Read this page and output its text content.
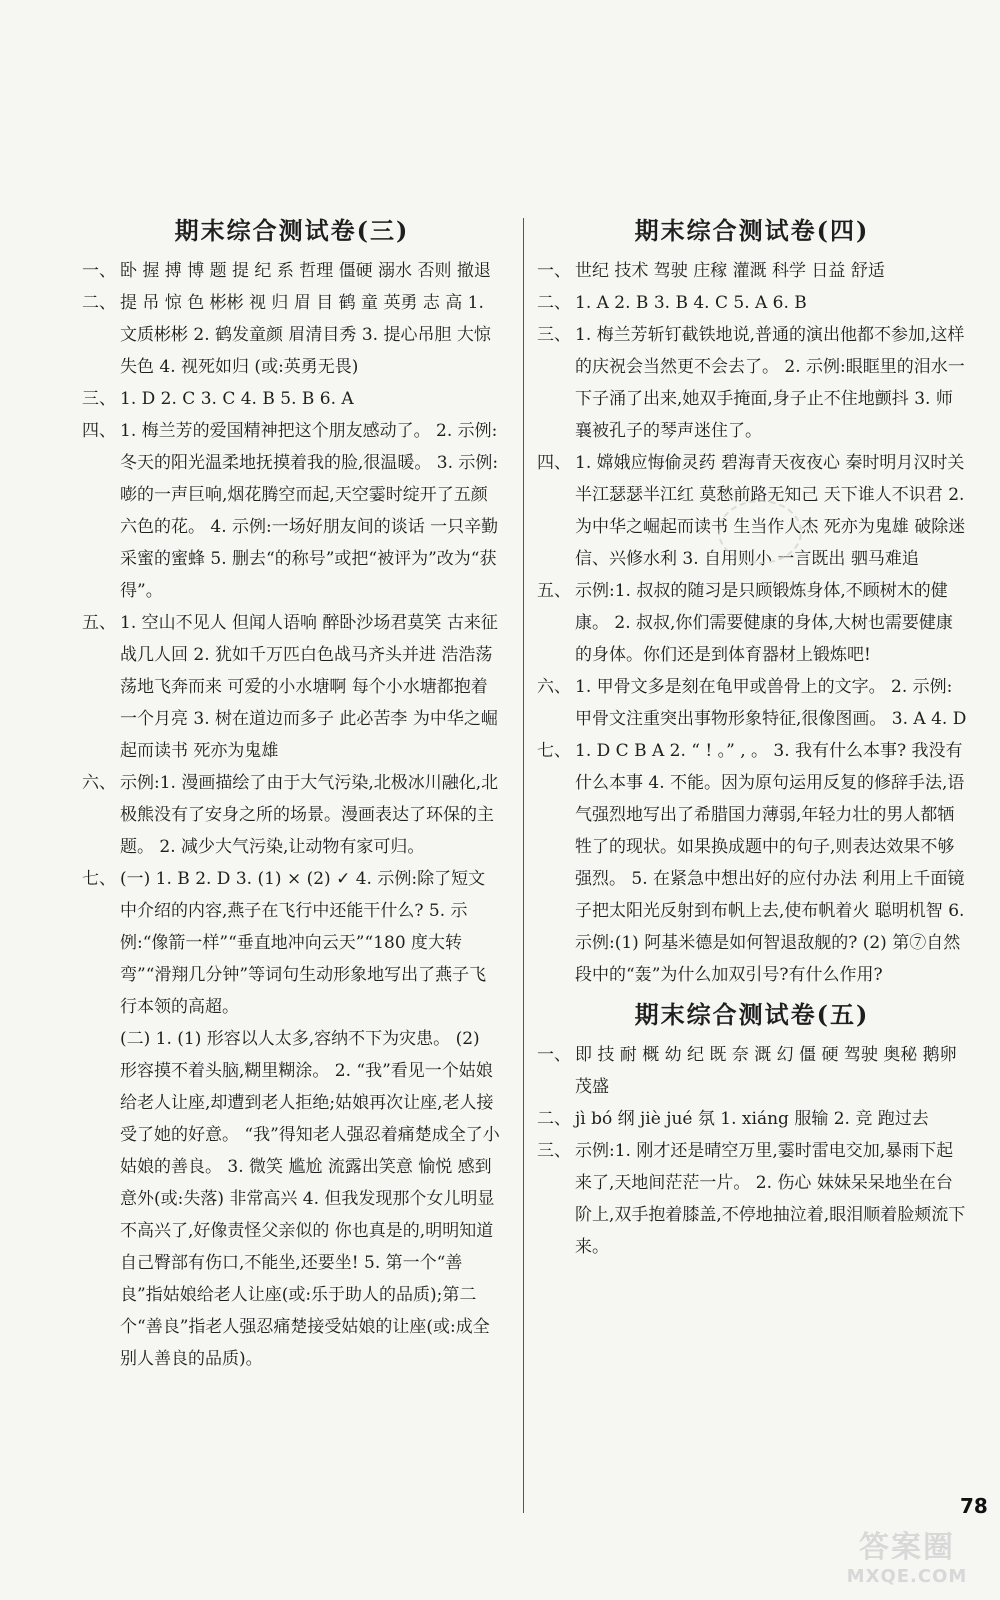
期末综合测试卷(三)
一、 卧 握 搏 博 题 提 纪 系 哲理 僵硬 溺水 否则 撤退
二、 提 吊 惊 色 彬彬 视 归 眉 目 鹤 童 英勇 志 高 1. 文质彬彬 2. 鹤发童颜 眉清目秀 3. 提心吊胆 大惊失色 4. 视死如归 (或:英勇无畏)
三、 1. D 2. C 3. C 4. B 5. B 6. A
四、 1. 梅兰芳的爱国精神把这个朋友感动了。 2. 示例:冬天的阳光温柔地抚摸着我的脸,很温暖。 3. 示例:嘭的一声巨响,烟花腾空而起,天空霎时绽开了五颜六色的花。 4. 示例:一场好朋友间的谈话 一只辛勤采蜜的蜜蜂 5. 删去“的称号”或把“被评为”改为“获得”。
五、 1. 空山不见人 但闻人语响 醉卧沙场君莫笑 古来征战几人回 2. 犹如千万匹白色战马齐头并进 浩浩荡荡地飞奔而来 可爱的小水塘啊 每个小水塘都抱着一个月亮 3. 树在道边而多子 此必苦李 为中华之崛起而读书 死亦为鬼雄
六、 示例:1. 漫画描绘了由于大气污染,北极冰川融化,北极熊没有了安身之所的场景。漫画表达了环保的主题。 2. 减少大气污染,让动物有家可归。
七、 (一) 1. B 2. D 3. (1) × (2) ✓ 4. 示例:除了短文中介绍的内容,燕子在飞行中还能干什么? 5. 示例:“像箭一样”“垂直地冲向云天”“180 度大转弯”“滑翔几分钟”等词句生动形象地写出了燕子飞行本领的高超。
(二) 1. (1) 形容以人太多,容纳不下为灾患。 (2) 形容摸不着头脑,糊里糊涂。 2. “我”看见一个姑娘给老人让座,却遭到老人拒绝;姑娘再次让座,老人接受了她的好意。 “我”得知老人强忍着痛楚成全了小姑娘的善良。 3. 微笑 尴尬 流露出笑意 愉悦 感到意外(或:失落) 非常高兴 4. 但我发现那个女儿明显不高兴了,好像责怪父亲似的 你也真是的,明明知道自己臀部有伤口,不能坐,还要坐! 5. 第一个“善良”指姑娘给老人让座(或:乐于助人的品质);第二个“善良”指老人强忍痛楚接受姑娘的让座(或:成全别人善良的品质)。
期末综合测试卷(四)
一、 世纪 技术 驾驶 庄稼 灌溉 科学 日益 舒适
二、 1. A 2. B 3. B 4. C 5. A 6. B
三、 1. 梅兰芳斩钉截铁地说,普通的演出他都不参加,这样的庆祝会当然更不会去了。 2. 示例:眼眶里的泪水一下子涌了出来,她双手掩面,身子止不住地颤抖 3. 师襄被孔子的琴声迷住了。
四、 1. 嫦娥应悔偷灵药 碧海青天夜夜心 秦时明月汉时关 半江瑟瑟半江红 莫愁前路无知己 天下谁人不识君 2. 为中华之崛起而读书 生当作人杰 死亦为鬼雄 破除迷信、兴修水利 3. 自用则小 一言既出 驷马难追
五、 示例:1. 叔叔的随习是只顾锻炼身体,不顾树木的健康。 2. 叔叔,你们需要健康的身体,大树也需要健康的身体。你们还是到体育器材上锻炼吧!
六、 1. 甲骨文多是刻在龟甲或兽骨上的文字。 2. 示例:甲骨文注重突出事物形象特征,很像图画。 3. A 4. D
七、 1. D C B A 2. “ ! 。” , 。 3. 我有什么本事? 我没有什么本事 4. 不能。因为原句运用反复的修辞手法,语气强烈地写出了希腊国力薄弱,年轻力壮的男人都牺牲了的现状。如果换成题中的句子,则表达效果不够强烈。 5. 在紧急中想出好的应付办法 利用上千面镜子把太阳光反射到布帆上去,使布帆着火 聪明机智 6. 示例:(1) 阿基米德是如何智退敌舰的? (2) 第⑦自然段中的“轰”为什么加双引号?有什么作用?
期末综合测试卷(五)
一、 即 技 耐 概 幼 纪 既 奈 溉 幻 僵 硬 驾驶 奥秘 鹅卵 茂盛
二、 jì bó 纲 jiè jué 氛 1. xiáng 服输 2. 竞 跑过去
三、 示例:1. 刚才还是晴空万里,霎时雷电交加,暴雨下起来了,天地间茫茫一片。 2. 伤心 妹妹呆呆地坐在台阶上,双手抱着膝盖,不停地抽泣着,眼泪顺着脸颊流下来。
78
答案圈
MXQE.COM
